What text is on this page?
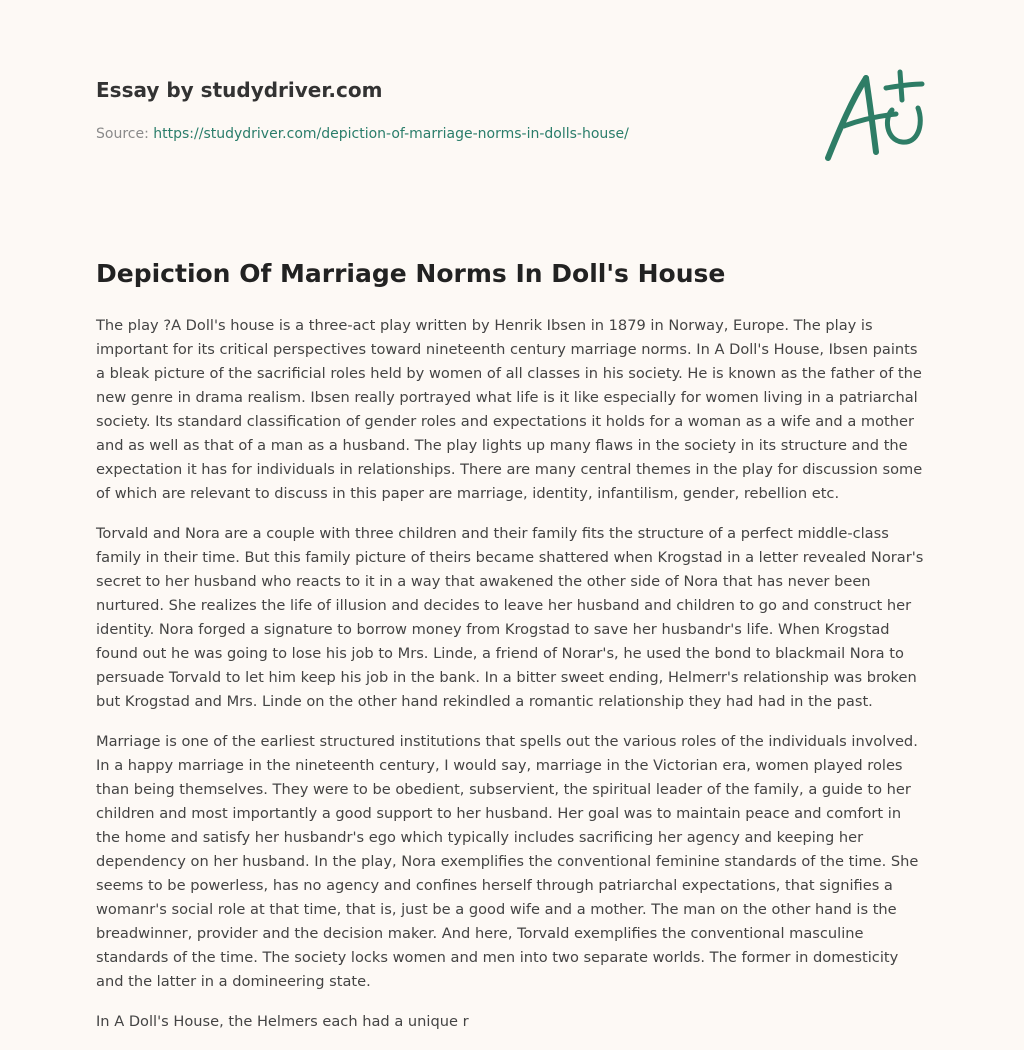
Essay by studydriver.com
Source: https://studydriver.com/depiction-of-marriage-norms-in-dolls-house/
Depiction Of Marriage Norms In Doll's House

The play ?A Doll's house is a three-act play written by Henrik Ibsen in 1879 in Norway, Europe. The play is important for its critical perspectives toward nineteenth century marriage norms. In A Doll's House, Ibsen paints a bleak picture of the sacrificial roles held by women of all classes in his society. He is known as the father of the new genre in drama realism. Ibsen really portrayed what life is it like especially for women living in a patriarchal society. Its standard classification of gender roles and expectations it holds for a woman as a wife and a mother and as well as that of a man as a husband. The play lights up many flaws in the society in its structure and the expectation it has for individuals in relationships. There are many central themes in the play for discussion some of which are relevant to discuss in this paper are marriage, identity, infantilism, gender, rebellion etc.

Torvald and Nora are a couple with three children and their family fits the structure of a perfect middle-class family in their time. But this family picture of theirs became shattered when Krogstad in a letter revealed Norar's secret to her husband who reacts to it in a way that awakened the other side of Nora that has never been nurtured. She realizes the life of illusion and decides to leave her husband and children to go and construct her identity. Nora forged a signature to borrow money from Krogstad to save her husbandr's life. When Krogstad found out he was going to lose his job to Mrs. Linde, a friend of Norar's, he used the bond to blackmail Nora to persuade Torvald to let him keep his job in the bank. In a bitter sweet ending, Helmerr's relationship was broken but Krogstad and Mrs. Linde on the other hand rekindled a romantic relationship they had had in the past.

Marriage is one of the earliest structured institutions that spells out the various roles of the individuals involved. In a happy marriage in the nineteenth century, I would say, marriage in the Victorian era, women played roles than being themselves. They were to be obedient, subservient, the spiritual leader of the family, a guide to her children and most importantly a good support to her husband. Her goal was to maintain peace and comfort in the home and satisfy her husbandr's ego which typically includes sacrificing her agency and keeping her dependency on her husband. In the play, Nora exemplifies the conventional feminine standards of the time. She seems to be powerless, has no agency and confines herself through patriarchal expectations, that signifies a womanr's social role at that time, that is, just be a good wife and a mother. The man on the other hand is the breadwinner, provider and the decision maker. And here, Torvald exemplifies the conventional masculine standards of the time. The society locks women and men into two separate worlds. The former in domesticity and the latter in a domineering state.

In A Doll's House, the Helmers each had a unique r
